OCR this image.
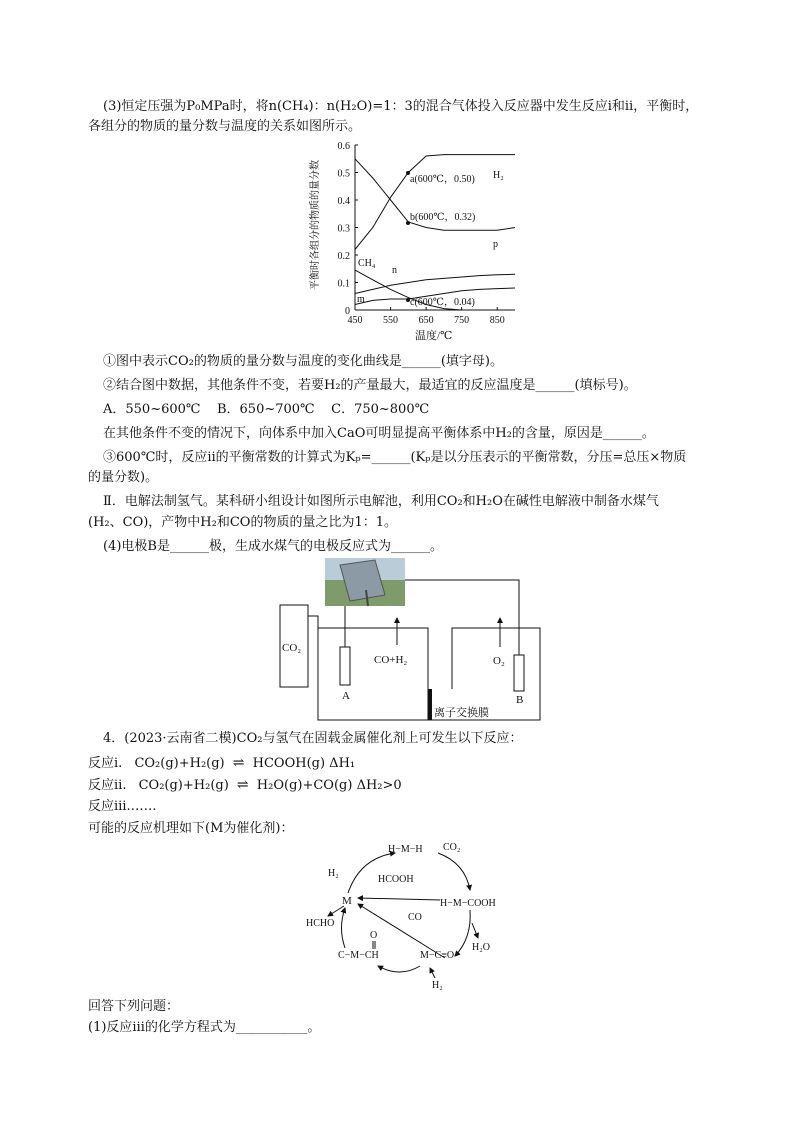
(3)恒定压强为P₀MPa时，将n(CH₄)：n(H₂O)=1：3的混合气体投入反应器中发生反应ⅰ和ⅱ，平衡时，
各组分的物质的量分数与温度的关系如图所示。
平衡时各组分的物质的量分数
0
0.1
0.2
0.3
0.4
0.5
0.6
450 550 650 750 850
a(600℃，0.50)
b(600℃，0.32)
c(600℃，0.04)
H₂
p
CH₄
n
m
温度/℃
①图中表示CO₂的物质的量分数与温度的变化曲线是______(填字母)。
②结合图中数据，其他条件不变，若要H₂的产量最大，最适宜的反应温度是______(填标号)。
A．550~600℃    B．650~700℃    C．750~800℃
在其他条件不变的情况下，向体系中加入CaO可明显提高平衡体系中H₂的含量，原因是______。
③600℃时，反应ⅱ的平衡常数的计算式为Kₚ=______(Kₚ是以分压表示的平衡常数，分压=总压×物质
的量分数)。
Ⅱ．电解法制氢气。某科研小组设计如图所示电解池，利用CO₂和H₂O在碱性电解液中制备水煤气
(H₂、CO)，产物中H₂和CO的物质的量之比为1：1。
(4)电极B是______极，生成水煤气的电极反应式为______。
CO₂
CO+H₂	O₂
A	B
离子交换膜
4．(2023·云南省二模)CO₂与氢气在固载金属催化剂上可发生以下反应：
反应ⅰ. CO₂(g)+H₂(g) ⇌ HCOOH(g) ΔH₁
反应ⅱ. CO₂(g)+H₂(g) ⇌ H₂O(g)+CO(g) ΔH₂>0
反应ⅲ.……
可能的反应机理如下(M为催化剂)：
H−M−H CO₂
H₂
HCOOH
M	H−M−COOH
CO
HCHO
O
C−M−CH	M−C≡O
H₂O
H₂
回答下列问题：
(1)反应ⅲ的化学方程式为___________。
